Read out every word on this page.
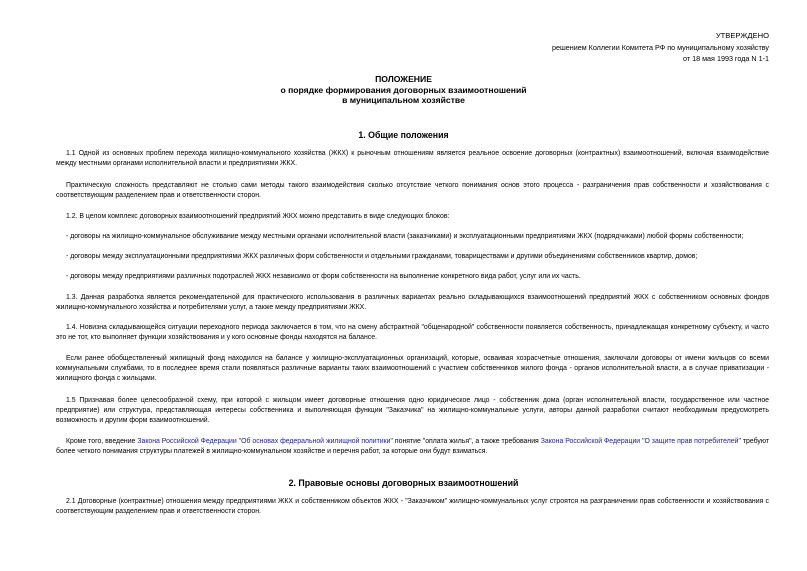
УТВЕРЖДЕНО
решением Коллегии Комитета РФ по муниципальному хозяйству
от 18 мая 1993 года N 1-1
ПОЛОЖЕНИЕ
о порядке формирования договорных взаимоотношений
в муниципальном хозяйстве
1. Общие положения
1.1 Одной из основных проблем перехода жилищно-коммунального хозяйства (ЖКХ) к рыночным отношениям является реальное освоение договорных (контрактных) взаимоотношений, включая взаимодействие между местными органами исполнительной власти и предприятиями ЖКХ.
Практическую сложность представляют не столько сами методы такого взаимодействия сколько отсутствие четкого понимания основ этого процесса - разграничения прав собственности и хозяйствования с соответствующим разделением прав и ответственности сторон.
1.2. В целом комплекс договорных взаимоотношений предприятий ЖКХ можно представить в виде следующих блоков:
- договоры на жилищно-коммунальное обслуживание между местными органами исполнительной власти (заказчиками) и эксплуатационными предприятиями ЖКХ (подрядчиками) любой формы собственности;
- договоры между эксплуатационными предприятиями ЖКХ различных форм собственности и отдельными гражданами, товариществами и другими объединениями собственников квартир, домов;
- договоры между предприятиями различных подотраслей ЖКХ независимо от форм собственности на выполнение конкретного вида работ, услуг или их часть.
1.3. Данная разработка является рекомендательной для практического использования в различных вариантах реально складывающихся взаимоотношений предприятий ЖКХ с собственником основных фондов жилищно-коммунального хозяйства и потребителями услуг, а также между предприятиями ЖКХ.
1.4. Новизна складывающейся ситуации переходного периода заключается в том, что на смену абстрактной "общенародной" собственности появляется собственность, принадлежащая конкретному субъекту, и часто это не тот, кто выполняет функции хозяйствования и у кого основные фонды находятся на балансе.
Если ранее обобществленный жилищный фонд находился на балансе у жилищно-эксплуатационных организаций, которые, осваивая хозрасчетные отношения, заключали договоры от имени жильцов со всеми коммунальными службами, то в последнее время стали появляться различные варианты таких взаимоотношений с участием собственников жилого фонда - органов исполнительной власти, а в случае приватизации - жилищного фонда с жильцами.
1.5 Признавая более целесообразной схему, при которой с жильцом имеет договорные отношения одно юридическое лицо - собственник дома (орган исполнительной власти, государственное или частное предприятие) или структура, представляющая интересы собственника и выполняющая функции "Заказчика" на жилищно-коммунальные услуги, авторы данной разработки считают необходимым предусмотреть возможность и другим форм взаимоотношений.
Кроме того, введение Закона Российской Федерации "Об основах федеральной жилищной политики" понятие "оплата жилья", а также требования Закона Российской Федерации "О защите прав потребителей" требуют более четкого понимания структуры платежей в жилищно-коммунальном хозяйстве и перечня работ, за которые они будут взиматься.
2. Правовые основы договорных взаимоотношений
2.1 Договорные (контрактные) отношения между предприятиями ЖКХ и собственником объектов ЖКХ - "Заказчиком" жилищно-коммунальных услуг строятся на разграничении прав собственности и хозяйствования с соответствующим разделением прав и ответственности сторон.
